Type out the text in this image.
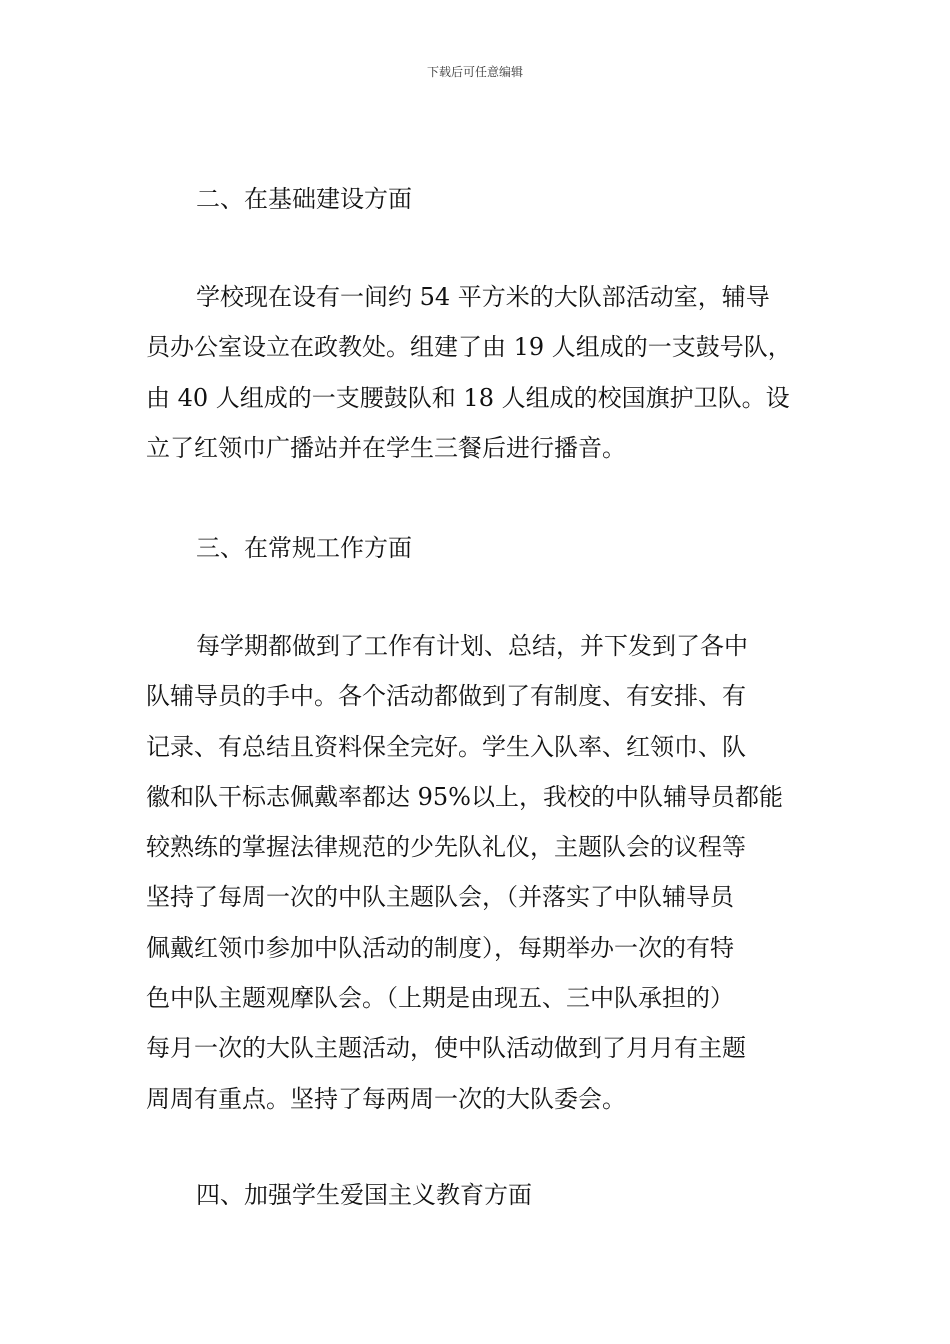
下载后可任意编辑
二、在基础建设方面
学校现在设有一间约 54 平方米的大队部活动室，辅导
员办公室设立在政教处。组建了由 19 人组成的一支鼓号队，
由 40 人组成的一支腰鼓队和 18 人组成的校国旗护卫队。设
立了红领巾广播站并在学生三餐后进行播音。
三、在常规工作方面
每学期都做到了工作有计划、总结，并下发到了各中
队辅导员的手中。各个活动都做到了有制度、有安排、有
记录、有总结且资料保全完好。学生入队率、红领巾、队
徽和队干标志佩戴率都达 95%以上，我校的中队辅导员都能
较熟练的掌握法律规范的少先队礼仪，主题队会的议程等
坚持了每周一次的中队主题队会，（并落实了中队辅导员
佩戴红领巾参加中队活动的制度），每期举办一次的有特
色中队主题观摩队会。（上期是由现五、三中队承担的）
每月一次的大队主题活动，使中队活动做到了月月有主题
周周有重点。坚持了每两周一次的大队委会。
四、加强学生爱国主义教育方面
